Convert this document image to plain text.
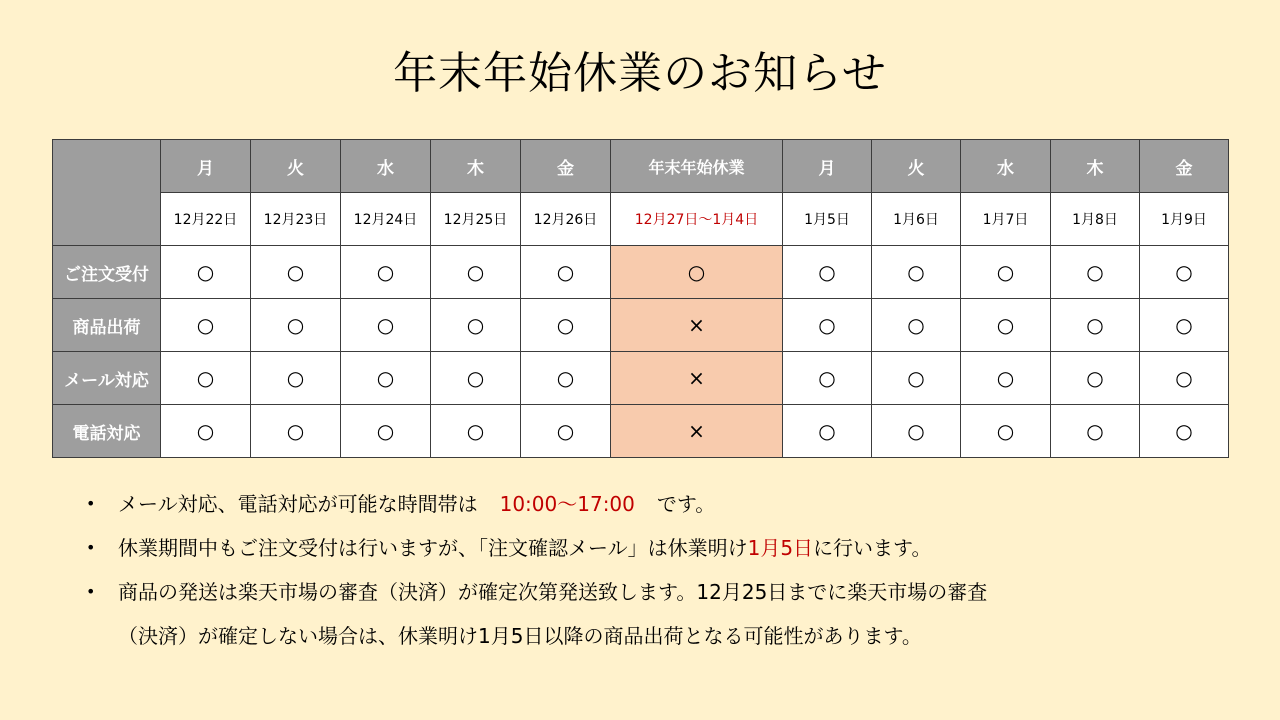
年末年始休業のお知らせ
	月	火	水	木	金	年末年始休業	月	火	水	木	金
	12月22日	12月23日	12月24日	12月25日	12月26日	12月27日～1月4日	1月5日	1月6日	1月7日	1月8日	1月9日
ご注文受付	○	○	○	○	○	○	○	○	○	○	○
商品出荷	○	○	○	○	○	×	○	○	○	○	○
メール対応	○	○	○	○	○	×	○	○	○	○	○
電話対応	○	○	○	○	○	×	○	○	○	○	○
• メール対応、電話対応が可能な時間帯は 10:00～17:00 です。
• 休業期間中もご注文受付は行いますが、「注文確認メール」は休業明け1月5日に行います。
• 商品の発送は楽天市場の審査（決済）が確定次第発送致します。12月25日までに楽天市場の審査
（決済）が確定しない場合は、休業明け1月5日以降の商品出荷となる可能性があります。
